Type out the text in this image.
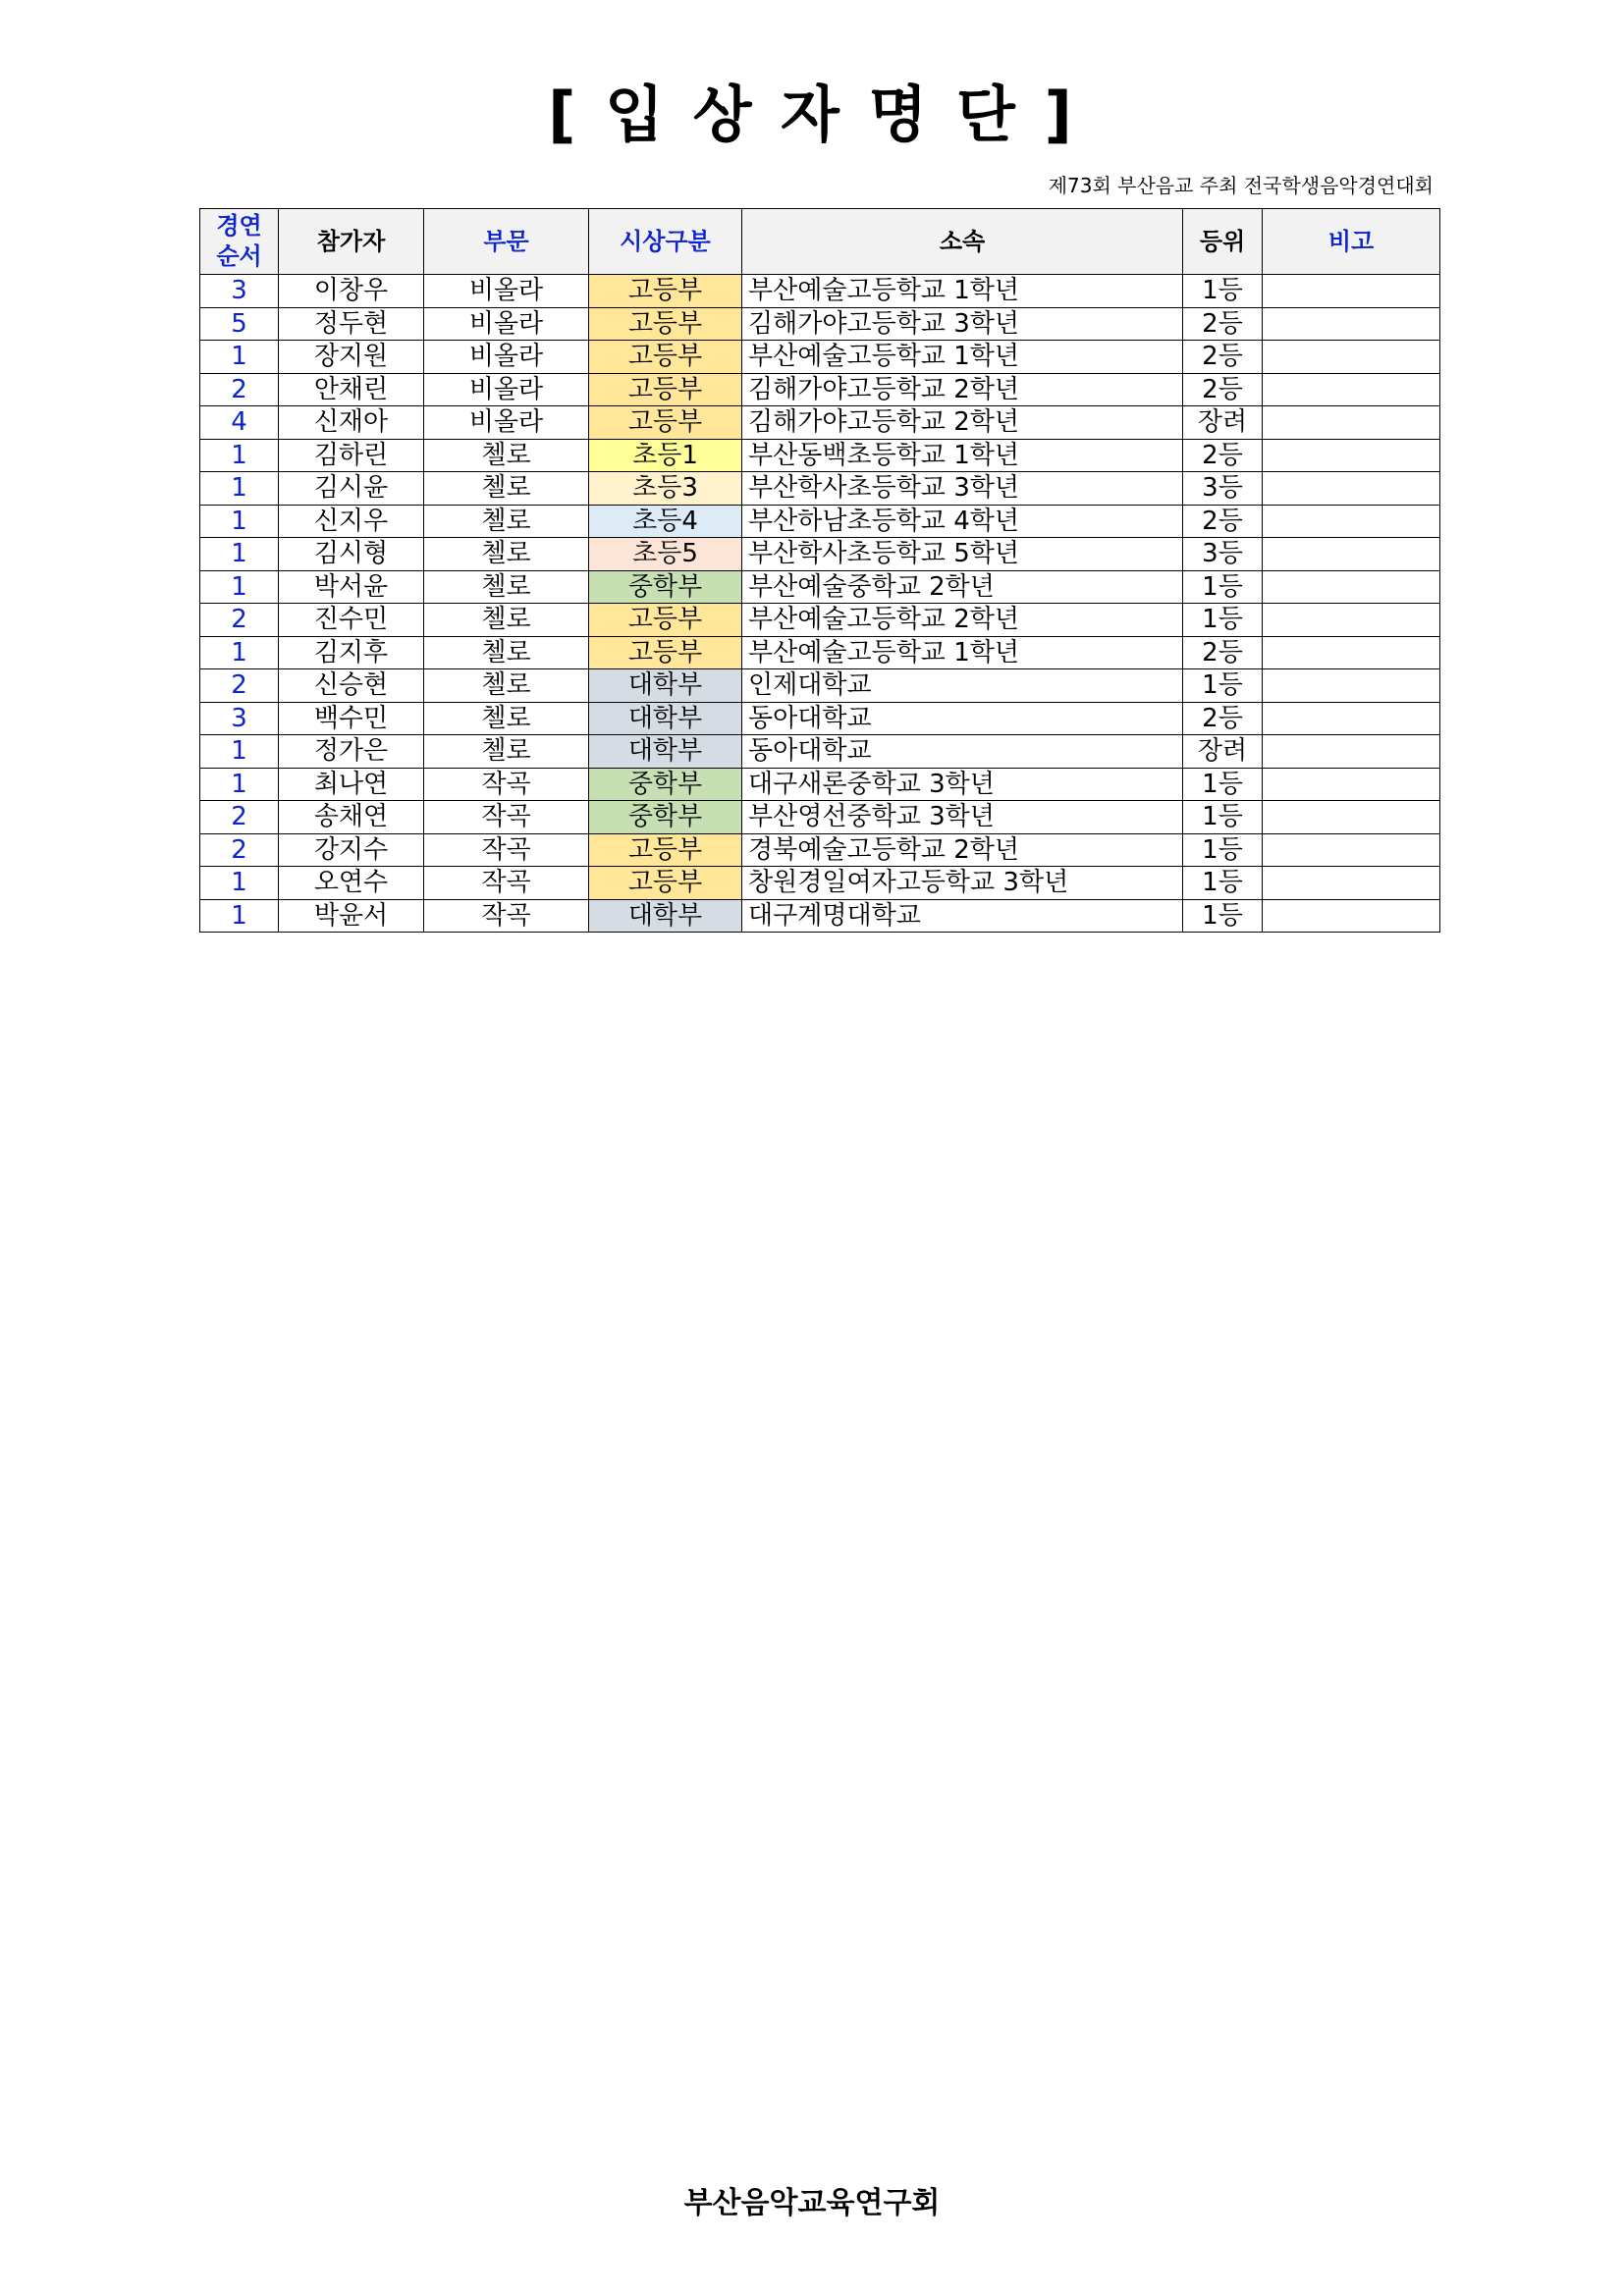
[ 입 상 자 명 단 ]
제73회 부산음교 주최 전국학생음악경연대회
경연
순서	참가자	부문	시상구분	소속	등위	비고
3	이창우	비올라	고등부	부산예술고등학교 1학년	1등	
5	정두현	비올라	고등부	김해가야고등학교 3학년	2등	
1	장지원	비올라	고등부	부산예술고등학교 1학년	2등	
2	안채린	비올라	고등부	김해가야고등학교 2학년	2등	
4	신재아	비올라	고등부	김해가야고등학교 2학년	장려	
1	김하린	첼로	초등1	부산동백초등학교 1학년	2등	
1	김시윤	첼로	초등3	부산학사초등학교 3학년	3등	
1	신지우	첼로	초등4	부산하남초등학교 4학년	2등	
1	김시형	첼로	초등5	부산학사초등학교 5학년	3등	
1	박서윤	첼로	중학부	부산예술중학교 2학년	1등	
2	진수민	첼로	고등부	부산예술고등학교 2학년	1등	
1	김지후	첼로	고등부	부산예술고등학교 1학년	2등	
2	신승현	첼로	대학부	인제대학교	1등	
3	백수민	첼로	대학부	동아대학교	2등	
1	정가은	첼로	대학부	동아대학교	장려	
1	최나연	작곡	중학부	대구새론중학교 3학년	1등	
2	송채연	작곡	중학부	부산영선중학교 3학년	1등	
2	강지수	작곡	고등부	경북예술고등학교 2학년	1등	
1	오연수	작곡	고등부	창원경일여자고등학교 3학년	1등	
1	박윤서	작곡	대학부	대구계명대학교	1등	
부산음악교육연구회
